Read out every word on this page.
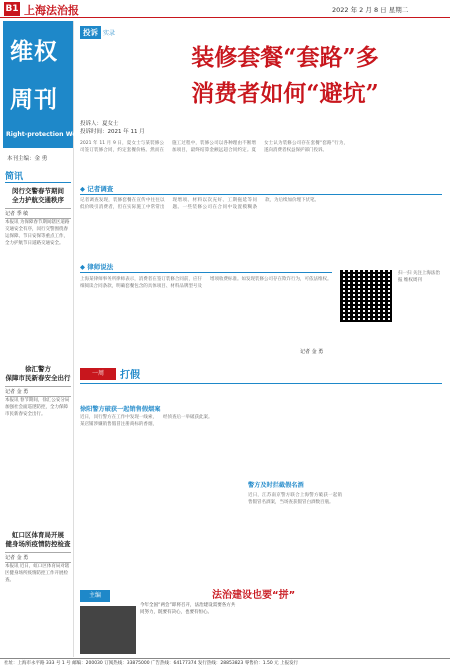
B1 上海法治报	2022 年 2 月 8 日 星期二
维权
周刊
Right-protection Weekly
本刊主编：金 勇
简讯
闵行交警春节期间
全力护航交通秩序
记者 季 敏
本报讯 为保障春节期间辖区道路交通安全有序，闵行交警围绕春运保障、节日安保等重点工作，全力护航节日道路交通安全。
徐汇警方
保障市民新春安全出行
记者 金 勇
本报讯 春节期间，徐汇公安分局加强社会面巡逻防控，全力保障市民新春安全出行。
虹口区体育局开展
健身场所疫情防控检查
记者 金 勇
本报讯 近日，虹口区体育局对辖区健身场所疫情防控工作开展检查。
投诉 实录
装修套餐“套路”多
消费者如何“避坑”
投诉人：夏女士
投诉时间：2021 年 11 月
2021 年 11 月 9 日，夏女士与某装修公司签订装修合同，约定套餐价格。然而在施工过程中，装修公司以各种理由不断增加项目，最终结算金额远超合同约定。夏女士认为装修公司存在套餐“套路”行为，遂向消费者权益保护部门投诉。
◆ 记者调查
记者调查发现，装修套餐在宣传中往往以低价吸引消费者，但在实际施工中常常出现增项、材料以次充好、工期拖延等问题。一些装修公司在合同中设置模糊条款，为后续加价埋下伏笔。
◆ 律师说法
上海某律师事务所律师表示，消费者在签订装修合同前，应仔细阅读合同条款，明确套餐包含的具体项目、材料品牌型号及增项收费标准。如发现装修公司存在欺诈行为，可依法维权。
扫一扫 关注上海法治报 维权周刊
记者 金 勇
一周	打假
徐阳警方破获一起销售假烟案
近日，闵行警方在工作中发现一线索，某店铺涉嫌销售假冒注册商标的香烟，经侦查后一举破获此案。
警方及时拦截假名酒
近日，江苏南京警方联合上海警方破获一起销售假冒名酒案，当场查获假冒白酒数百瓶。
主编	法治建设也要“拼”
今年全国“两会”即将召开，法治建设需要各方共同努力，既要有决心，也要有恒心。
社址：上海市永平路 333 号 1 号 邮编：200030 订阅热线：33875000 广告热线：64177374 发行热线：28853823 零售价：1.50 元 上报发行
